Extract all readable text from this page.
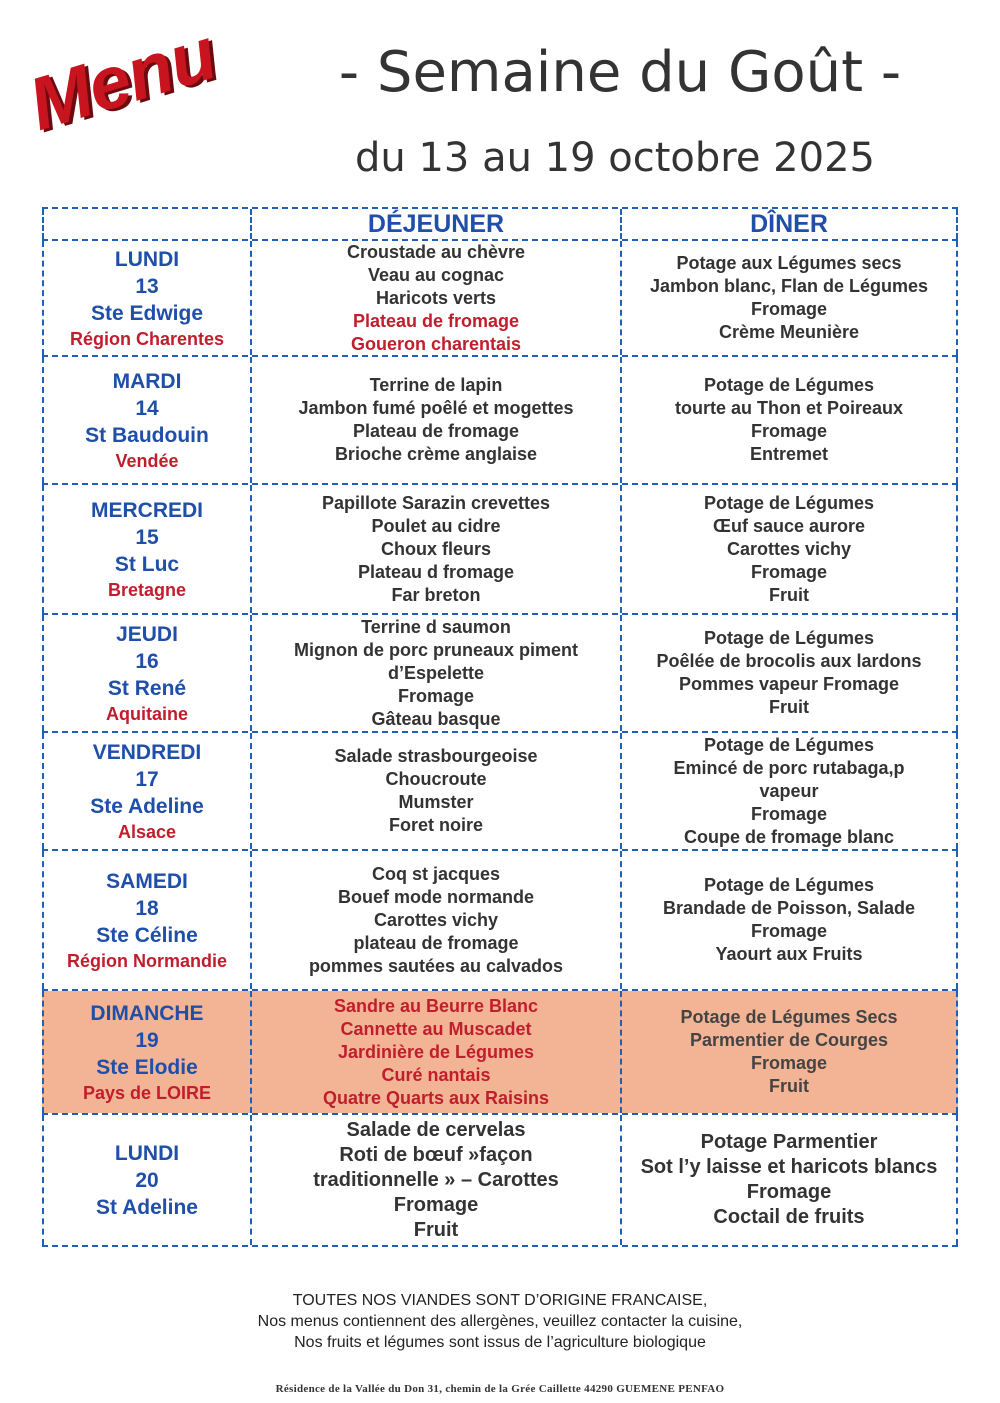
Menu	- Semaine du Goût -
du 13 au 19 octobre 2025
DÉJEUNER	DÎNER
LUNDI
13
Ste Edwige
Région Charentes
Croustade au chèvre
Veau au cognac
Haricots verts
Plateau de fromage
Goueron charentais
Potage aux Légumes secs
Jambon blanc, Flan de Légumes
Fromage
Crème Meunière
MARDI
14
St Baudouin
Vendée
Terrine de lapin
Jambon fumé poêlé et mogettes
Plateau de fromage
Brioche crème anglaise
Potage de Légumes
tourte au Thon et Poireaux
Fromage
Entremet
MERCREDI
15
St Luc
Bretagne
Papillote Sarazin crevettes
Poulet au cidre
Choux fleurs
Plateau d fromage
Far breton
Potage de Légumes
Œuf sauce aurore
Carottes vichy
Fromage
Fruit
JEUDI
16
St René
Aquitaine
Terrine d saumon
Mignon de porc pruneaux piment
d’Espelette
Fromage
Gâteau basque
Potage de Légumes
Poêlée de brocolis aux lardons
Pommes vapeur Fromage
Fruit
VENDREDI
17
Ste Adeline
Alsace
Salade strasbourgeoise
Choucroute
Mumster
Foret noire
Potage de Légumes
Emincé de porc rutabaga,p
vapeur
Fromage
Coupe de fromage blanc
SAMEDI
18
Ste Céline
Région Normandie
Coq st jacques
Bouef mode normande
Carottes vichy
plateau de fromage
pommes sautées au calvados
Potage de Légumes
Brandade de Poisson, Salade
Fromage
Yaourt aux Fruits
DIMANCHE
19
Ste Elodie
Pays de LOIRE
Sandre au Beurre Blanc
Cannette au Muscadet
Jardinière de Légumes
Curé nantais
Quatre Quarts aux Raisins
Potage de Légumes Secs
Parmentier de Courges
Fromage
Fruit
LUNDI
20
St Adeline
Salade de cervelas
Roti de bœuf »façon
traditionnelle » – Carottes
Fromage
Fruit
Potage Parmentier
Sot l’y laisse et haricots blancs
Fromage
Coctail de fruits
TOUTES NOS VIANDES SONT D’ORIGINE FRANCAISE,
Nos menus contiennent des allergènes, veuillez contacter la cuisine,
Nos fruits et légumes sont issus de l’agriculture biologique
Résidence de la Vallée du Don 31, chemin de la Grée Caillette 44290 GUEMENE PENFAO
